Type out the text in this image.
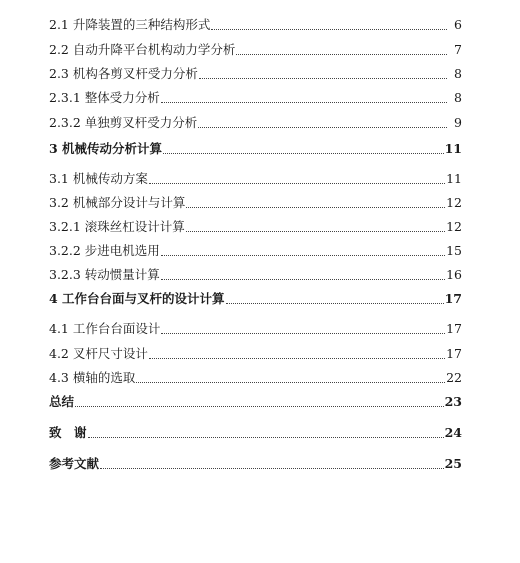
2.1 升降装置的三种结构形式	6
2.2 自动升降平台机构动力学分析	7
2.3 机构各剪叉杆受力分析	8
2.3.1 整体受力分析	8
2.3.2 单独剪叉杆受力分析	9
3 机械传动分析计算	11
3.1 机械传动方案	11
3.2 机械部分设计与计算	12
3.2.1 滚珠丝杠设计计算	12
3.2.2 步进电机选用	15
3.2.3 转动惯量计算	16
4 工作台台面与叉杆的设计计算	17
4.1 工作台台面设计	17
4.2 叉杆尺寸设计	17
4.3 横轴的选取	22
总结	23
致　谢	24
参考文献	25
